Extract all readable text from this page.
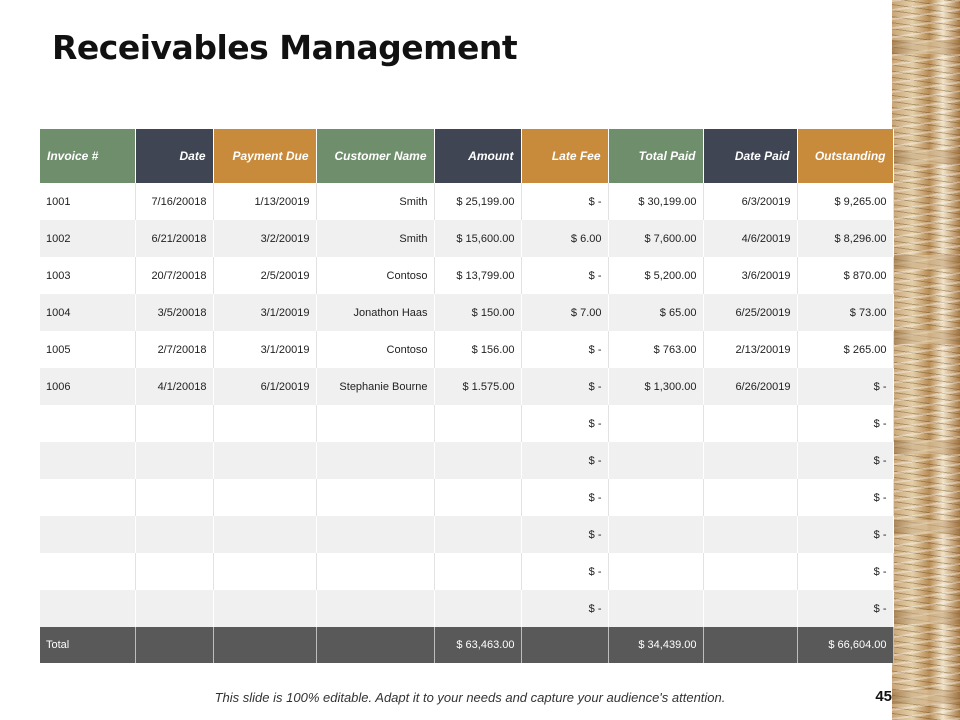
Receivables Management
Invoice #	Date	Payment Due	Customer Name	Amount	Late Fee	Total Paid	Date Paid	Outstanding
1001	7/16/20018	1/13/20019	Smith	$ 25,199.00	$ -	$ 30,199.00	6/3/20019	$ 9,265.00
1002	6/21/20018	3/2/20019	Smith	$ 15,600.00	$ 6.00	$ 7,600.00	4/6/20019	$ 8,296.00
1003	20/7/20018	2/5/20019	Contoso	$ 13,799.00	$ -	$ 5,200.00	3/6/20019	$ 870.00
1004	3/5/20018	3/1/20019	Jonathon Haas	$ 150.00	$ 7.00	$ 65.00	6/25/20019	$ 73.00
1005	2/7/20018	3/1/20019	Contoso	$ 156.00	$ -	$ 763.00	2/13/20019	$ 265.00
1006	4/1/20018	6/1/20019	Stephanie Bourne	$ 1.575.00	$ -	$ 1,300.00	6/26/20019	$ -
					$ -			$ -
					$ -			$ -
					$ -			$ -
					$ -			$ -
					$ -			$ -
					$ -			$ -
Total				$ 63,463.00		$ 34,439.00		$ 66,604.00
This slide is 100% editable. Adapt it to your needs and capture your audience's attention.	45
